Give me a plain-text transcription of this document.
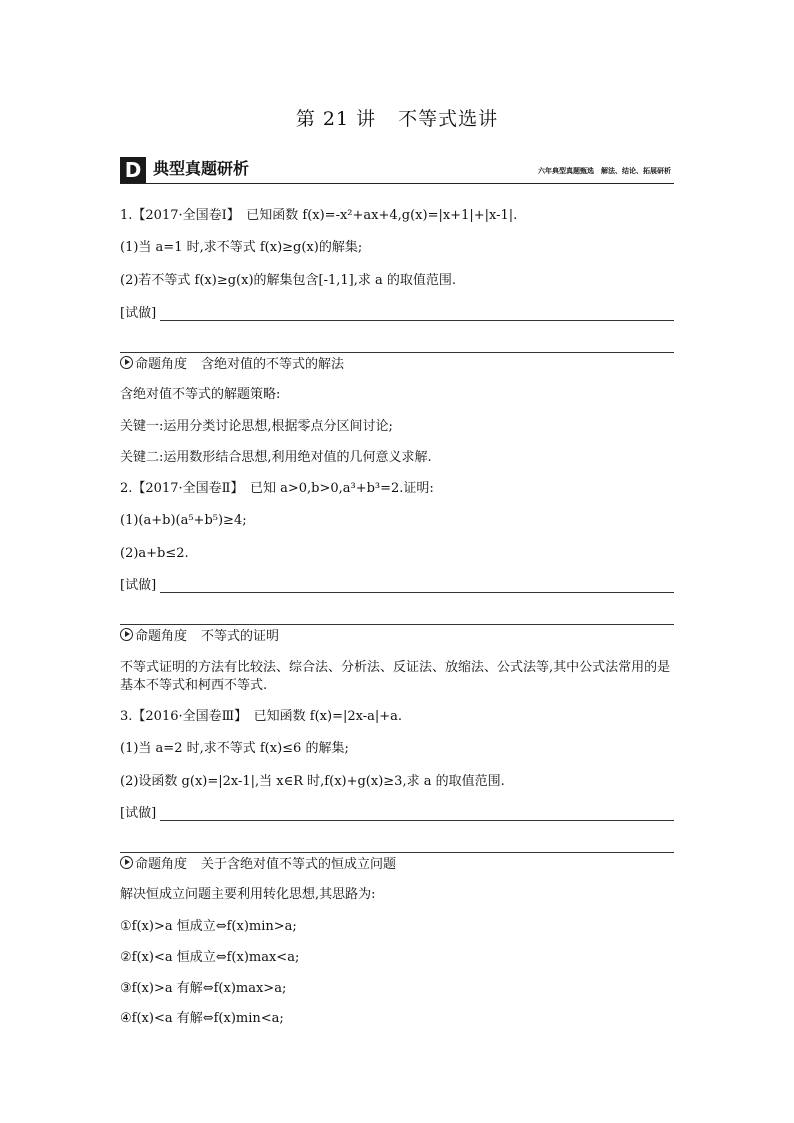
第 21 讲 不等式选讲
D 典型真题研析	六年典型真题甄选　解法、结论、拓展研析
1.【2017·全国卷Ⅰ】　已知函数 f(x)=-x²+ax+4,g(x)=|x+1|+|x-1|.
(1)当 a=1 时,求不等式 f(x)≥g(x)的解集;
(2)若不等式 f(x)≥g(x)的解集包含[-1,1],求 a 的取值范围.
[试做]
命题角度 含绝对值的不等式的解法
含绝对值不等式的解题策略:
关键一:运用分类讨论思想,根据零点分区间讨论;
关键二:运用数形结合思想,利用绝对值的几何意义求解.
2.【2017·全国卷Ⅱ】　已知 a>0,b>0,a³+b³=2.证明:
(1)(a+b)(a⁵+b⁵)≥4;
(2)a+b≤2.
[试做]
命题角度 不等式的证明
不等式证明的方法有比较法、综合法、分析法、反证法、放缩法、公式法等,其中公式法常用的是基本不等式和柯西不等式.
3.【2016·全国卷Ⅲ】　已知函数 f(x)=|2x-a|+a.
(1)当 a=2 时,求不等式 f(x)≤6 的解集;
(2)设函数 g(x)=|2x-1|,当 x∈R 时,f(x)+g(x)≥3,求 a 的取值范围.
[试做]
命题角度 关于含绝对值不等式的恒成立问题
解决恒成立问题主要利用转化思想,其思路为:
①f(x)>a 恒成立⇔f(x)min>a;
②f(x)<a 恒成立⇔f(x)max<a;
③f(x)>a 有解⇔f(x)max>a;
④f(x)<a 有解⇔f(x)min<a;
